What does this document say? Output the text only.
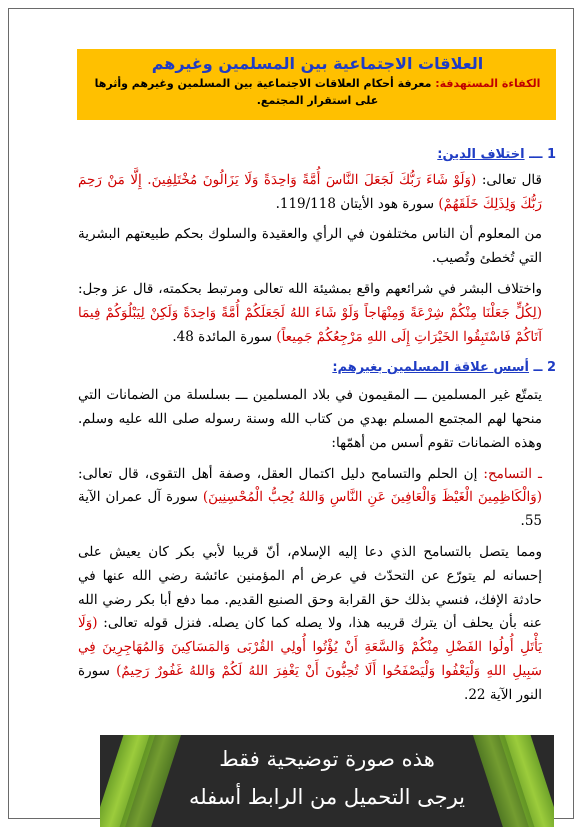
العلاقات الاجتماعية بين المسلمين وغيرهم
الكفاءة المستهدفة: معرفة أحكام العلاقات الاجتماعية بين المسلمين وغيرهم وأثرها على استقرار المجتمع.
1 ـــ اختلاف الدين:

قال تعالى: (وَلَوْ شَاءَ رَبُّكَ لَجَعَلَ النَّاسَ أُمَّةً وَاحِدَةً وَلَا يَزَالُونَ مُخْتَلِفِينَ. إِلَّا مَنْ رَحِمَ رَبُّكَ وَلِذَلِكَ خَلَقَهُمْ) سورة هود الأيتان 119/118.

من المعلوم أن الناس مختلفون في الرأي والعقيدة والسلوك بحكم طبيعتهم البشرية التي تُخطئ وتُصيب.

واختلاف البشر في شرائعهم واقع بمشيئة الله تعالى ومرتبط بحكمته، قال عز وجل: (لِكُلٍّ جَعَلْنَا مِنْكُمْ شِرْعَةً وَمِنْهَاجاً وَلَوْ شَاءَ اللهُ لَجَعَلَكُمْ أُمَّةً وَاحِدَةً وَلَكِنْ لِيَبْلُوَكُمْ فِيمَا آتَاكُمْ فَاسْتَبِقُوا الخَيْرَاتِ إِلَى اللهِ مَرْجِعُكُمْ جَمِيعاً) سورة المائدة 48.

2 ــ أسس علاقة المسلمين بغيرهم:

يتمتّع غير المسلمين ـــ المقيمون في بلاد المسلمين ـــ بسلسلة من الضمانات التي منحها لهم المجتمع المسلم بهدي من كتاب الله وسنة رسوله صلى الله عليه وسلم. وهذه الضمانات تقوم أسس من أهمّها:

ـ التسامح: إن الحلم والتسامح دليل اكتمال العقل، وصفة أهل التقوى، قال تعالى: (وَالْكَاظِمِينَ الْغَيْظَ وَالْعَافِينَ عَنِ النَّاسِ وَاللهُ يُحِبُّ الْمُحْسِنِينَ) سورة آل عمران الآية 55.

ومما يتصل بالتسامح الذي دعا إليه الإسلام، أنّ قريبا لأبي بكر كان يعيش على إحسانه لم يتورّع عن التحدّث في عرض أم المؤمنين عائشة رضي الله عنها في حادثة الإفك، فنسي بذلك حق القرابة وحق الصنيع القديم. مما دفع أبا بكر رضي الله عنه بأن يحلف أن يترك قريبه هذا، ولا يصله كما كان يصله. فنزل قوله تعالى: (وَلَا يَأْتَلِ أُولُوا الفَضْلِ مِنْكُمْ وَالسَّعَةِ أَنْ يُؤْتُوا أُولِي القُرْبَى وَالمَسَاكِينَ وَالمُهَاجِرِينَ فِي سَبِيلِ اللهِ وَلْيَعْفُوا وَلْيَصْفَحُوا أَلَا تُحِبُّونَ أَنْ يَغْفِرَ اللهُ لَكُمْ وَاللهُ غَفُورٌ رَحِيمٌ) سورة النور الآية 22.

هذه صورة توضيحية فقط
يرجى التحميل من الرابط أسفله
